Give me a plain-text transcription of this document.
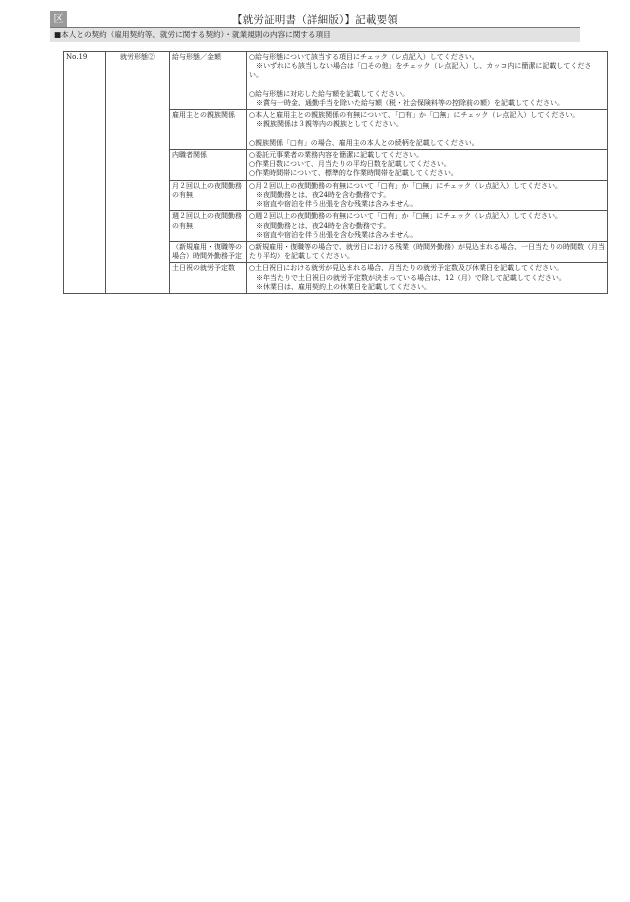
区	【就労証明書（詳細版）】記載要領
■本人との契約（雇用契約等、就労に関する契約）・就業規則の内容に関する項目
No.19	就労形態②	給与形態／金額	○給与形態について該当する項目にチェック（レ点記入）してください。
　※いずれにも該当しない場合は「□その他」をチェック（レ点記入）し、カッコ内に簡潔に記載してください。
○給与形態に対応した給与額を記載してください。
　※賞与一時金、通勤手当を除いた給与額（税・社会保険料等の控除前の額）を記載してください。

		雇用主との親族関係	○本人と雇用主との親族関係の有無について、「□有」か「□無」にチェック（レ点記入）してください。
　※親族関係は３親等内の親族としてください。
○親族関係「□有」の場合、雇用主の本人との続柄を記載してください。

		内職者関係	○委託元事業者の業務内容を簡潔に記載してください。
○作業日数について、月当たりの平均日数を記載してください。
○作業時間帯について、標準的な作業時間帯を記載してください。

		月２回以上の夜間勤務の有無	○月２回以上の夜間勤務の有無について「□有」か「□無」にチェック（レ点記入）してください。
　※夜間勤務とは、夜24時を含む勤務です。
　※宿直や宿泊を伴う出張を含む残業は含みません。

		週２回以上の夜間勤務の有無	○週２回以上の夜間勤務の有無について「□有」か「□無」にチェック（レ点記入）してください。
　※夜間勤務とは、夜24時を含む勤務です。
　※宿直や宿泊を伴う出張を含む残業は含みません。

		（新規雇用・復職等の場合）時間外勤務予定	○新規雇用・復職等の場合で、就労日における残業（時間外勤務）が見込まれる場合、一日当たりの時間数（月当たり平均）を記載してください。

		土日祝の就労予定数	○土日祝日における就労が見込まれる場合、月当たりの就労予定数及び休業日を記載してください。
　※年当たりで土日祝日の就労予定数が決まっている場合は、12（月）で除して記載してください。
　※休業日は、雇用契約上の休業日を記載してください。
